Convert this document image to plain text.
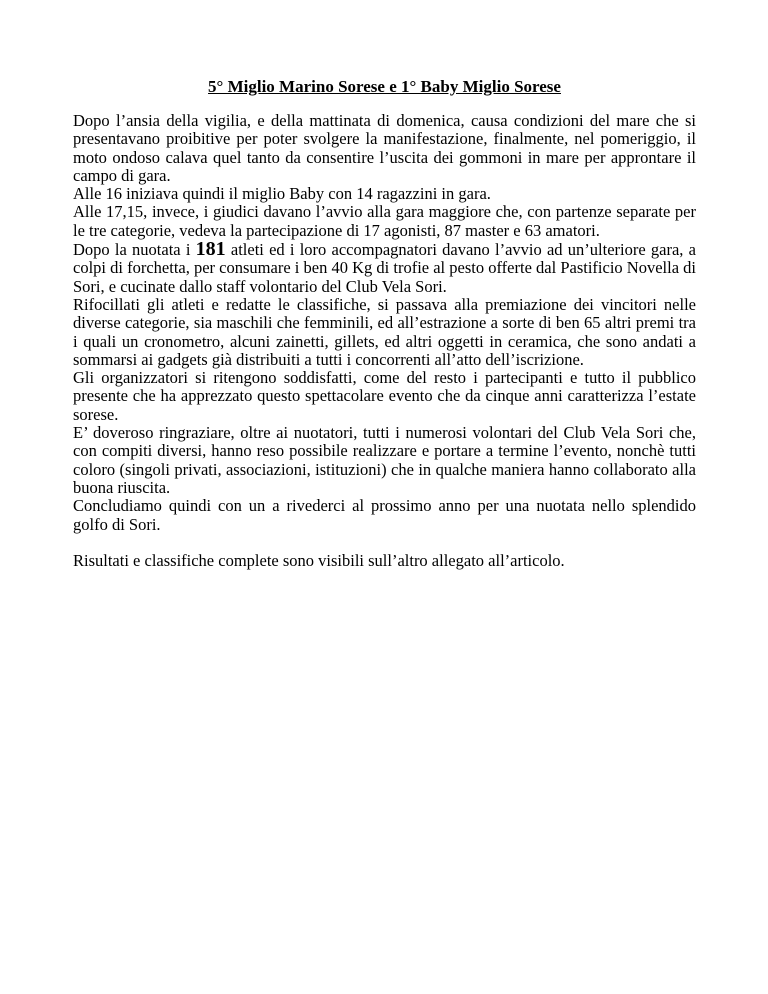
5° Miglio Marino Sorese e 1° Baby Miglio Sorese

Dopo l’ansia della vigilia, e della mattinata di domenica, causa condizioni del mare che si presentavano proibitive per poter svolgere la manifestazione, finalmente, nel pomeriggio, il moto ondoso calava quel tanto da consentire l’uscita dei gommoni in mare per approntare il campo di gara.

Alle 16 iniziava quindi il miglio Baby con 14 ragazzini in gara.

Alle 17,15, invece, i giudici davano l’avvio alla gara maggiore che, con partenze separate per le tre categorie, vedeva la partecipazione di 17 agonisti, 87 master e 63 amatori.

Dopo la nuotata i 181 atleti ed i loro accompagnatori davano l’avvio ad un’ulteriore gara, a colpi di forchetta, per consumare i ben 40 Kg di trofie al pesto offerte dal Pastificio Novella di Sori, e cucinate dallo staff volontario del Club Vela Sori.

Rifocillati gli atleti e redatte le classifiche, si passava alla premiazione dei vincitori nelle diverse categorie, sia maschili che femminili, ed all’estrazione a sorte di ben 65 altri premi tra i quali un cronometro, alcuni zainetti, gillets, ed altri oggetti in ceramica, che sono andati a sommarsi ai gadgets già distribuiti a tutti i concorrenti all’atto dell’iscrizione.

Gli organizzatori si ritengono soddisfatti, come del resto i partecipanti e tutto il pubblico presente che ha apprezzato questo spettacolare evento che da cinque anni caratterizza l’estate sorese.

E’ doveroso ringraziare, oltre ai nuotatori, tutti i numerosi volontari del Club Vela Sori che, con compiti diversi, hanno reso possibile realizzare e portare a termine l’evento, nonchè tutti coloro (singoli privati, associazioni, istituzioni) che in qualche maniera hanno collaborato alla buona riuscita.

Concludiamo quindi con un a rivederci al prossimo anno per una nuotata nello splendido golfo di Sori.

Risultati e classifiche complete sono visibili sull’altro allegato all’articolo.
